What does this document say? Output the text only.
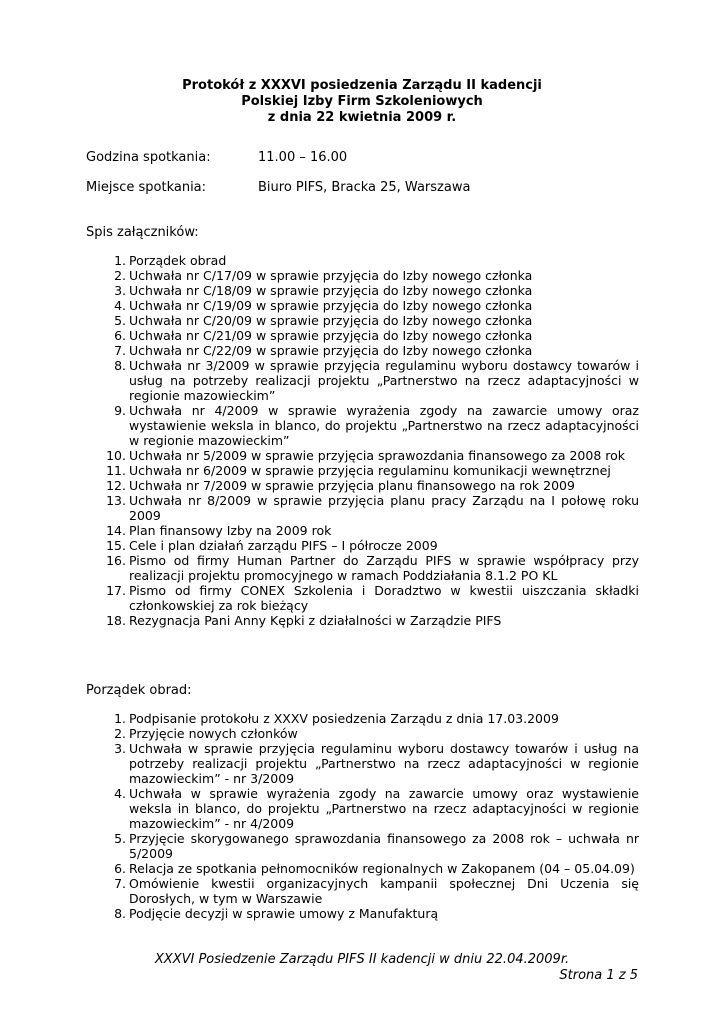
Protokół z XXXVI posiedzenia Zarządu II kadencji
Polskiej Izby Firm Szkoleniowych
z dnia 22 kwietnia 2009 r.
Godzina spotkania:	11.00 – 16.00
Miejsce spotkania:	Biuro PIFS, Bracka 25, Warszawa
Spis załączników:
1. Porządek obrad
2. Uchwała nr C/17/09 w sprawie przyjęcia do Izby nowego członka
3. Uchwała nr C/18/09 w sprawie przyjęcia do Izby nowego członka
4. Uchwała nr C/19/09 w sprawie przyjęcia do Izby nowego członka
5. Uchwała nr C/20/09 w sprawie przyjęcia do Izby nowego członka
6. Uchwała nr C/21/09 w sprawie przyjęcia do Izby nowego członka
7. Uchwała nr C/22/09 w sprawie przyjęcia do Izby nowego członka
8. Uchwała nr 3/2009 w sprawie przyjęcia regulaminu wyboru dostawcy towarów i usług na potrzeby realizacji projektu „Partnerstwo na rzecz adaptacyjności w regionie mazowieckim”
9. Uchwała nr 4/2009 w sprawie wyrażenia zgody na zawarcie umowy oraz wystawienie weksla in blanco, do projektu „Partnerstwo na rzecz adaptacyjności w regionie mazowieckim”
10. Uchwała nr 5/2009 w sprawie przyjęcia sprawozdania finansowego za 2008 rok
11. Uchwała nr 6/2009 w sprawie przyjęcia regulaminu komunikacji wewnętrznej
12. Uchwała nr 7/2009 w sprawie przyjęcia planu finansowego na rok 2009
13. Uchwała nr 8/2009 w sprawie przyjęcia planu pracy Zarządu na I połowę roku 2009
14. Plan finansowy Izby na 2009 rok
15. Cele i plan działań zarządu PIFS – I półrocze 2009
16. Pismo od firmy Human Partner do Zarządu PIFS w sprawie współpracy przy realizacji projektu promocyjnego w ramach Poddziałania 8.1.2 PO KL
17. Pismo od firmy CONEX Szkolenia i Doradztwo w kwestii uiszczania składki członkowskiej za rok bieżący
18. Rezygnacja Pani Anny Kępki z działalności w Zarządzie PIFS
Porządek obrad:
1. Podpisanie protokołu z XXXV posiedzenia Zarządu z dnia 17.03.2009
2. Przyjęcie nowych członków
3. Uchwała w sprawie przyjęcia regulaminu wyboru dostawcy towarów i usług na potrzeby realizacji projektu „Partnerstwo na rzecz adaptacyjności w regionie mazowieckim” - nr 3/2009
4. Uchwała w sprawie wyrażenia zgody na zawarcie umowy oraz wystawienie weksla in blanco, do projektu „Partnerstwo na rzecz adaptacyjności w regionie mazowieckim” - nr 4/2009
5. Przyjęcie skorygowanego sprawozdania finansowego za 2008 rok – uchwała nr 5/2009
6. Relacja ze spotkania pełnomocników regionalnych w Zakopanem (04 – 05.04.09)
7. Omówienie kwestii organizacyjnych kampanii społecznej Dni Uczenia się Dorosłych, w tym w Warszawie
8. Podjęcie decyzji w sprawie umowy z Manufakturą
XXXVI Posiedzenie Zarządu PIFS II kadencji w dniu 22.04.2009r.
Strona 1 z 5
